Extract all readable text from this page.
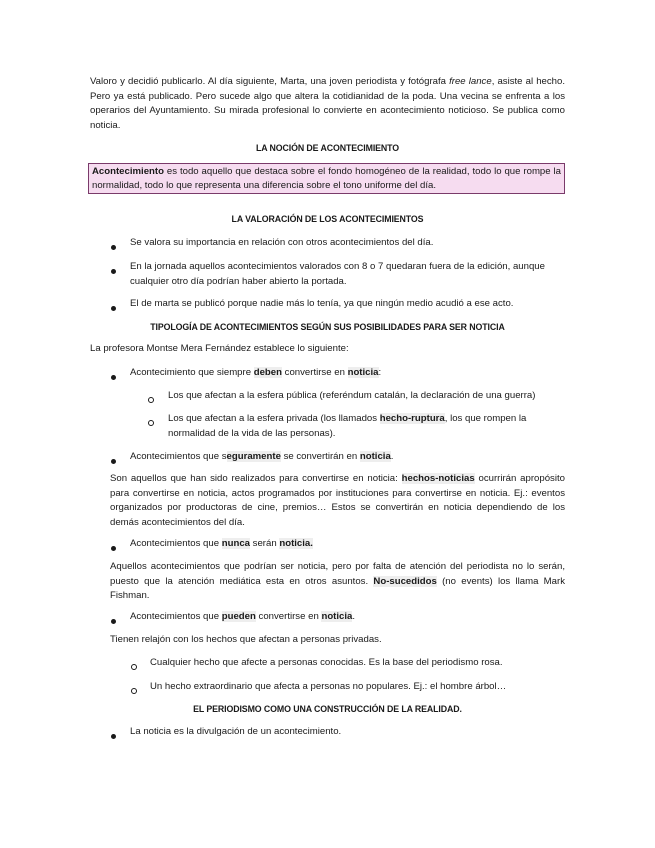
Valoro y decidió publicarlo. Al día siguiente, Marta, una joven periodista y fotógrafa free lance, asiste al hecho. Pero ya está publicado. Pero sucede algo que altera la cotidianidad de la poda. Una vecina se enfrenta a los operarios del Ayuntamiento. Su mirada profesional lo convierte en acontecimiento noticioso. Se publica como noticia.
LA NOCIÓN DE ACONTECIMIENTO
Acontecimiento es todo aquello que destaca sobre el fondo homogéneo de la realidad, todo lo que rompe la normalidad, todo lo que representa una diferencia sobre el tono uniforme del día.
LA VALORACIÓN DE LOS ACONTECIMIENTOS
Se valora su importancia en relación con otros acontecimientos del día.
En la jornada aquellos acontecimientos valorados con 8 o 7 quedaran fuera de la edición, aunque cualquier otro día podrían haber abierto la portada.
El de marta se publicó porque nadie más lo tenía, ya que ningún medio acudió a ese acto.
TIPOLOGÍA DE ACONTECIMIENTOS SEGÚN SUS POSIBILIDADES PARA SER NOTICIA
La profesora Montse Mera Fernández establece lo siguiente:
Acontecimiento que siempre deben convertirse en noticia:
Los que afectan a la esfera pública (referéndum catalán, la declaración de una guerra)
Los que afectan a la esfera privada (los llamados hecho-ruptura, los que rompen la normalidad de la vida de las personas).
Acontecimientos que seguramente se convertirán en noticia.
Son aquellos que han sido realizados para convertirse en noticia: hechos-noticias ocurrirán apropósito para convertirse en noticia, actos programados por instituciones para convertirse en noticia. Ej.: eventos organizados por productoras de cine, premios… Estos se convertirán en noticia dependiendo de los demás acontecimientos del día.
Acontecimientos que nunca serán noticia.
Aquellos acontecimientos que podrían ser noticia, pero por falta de atención del periodista no lo serán, puesto que la atención mediática esta en otros asuntos. No-sucedidos (no events) los llama Mark Fishman.
Acontecimientos que pueden convertirse en noticia.
Tienen relajón con los hechos que afectan a personas privadas.
Cualquier hecho que afecte a personas conocidas. Es la base del periodismo rosa.
Un hecho extraordinario que afecta a personas no populares. Ej.: el hombre árbol…
EL PERIODISMO COMO UNA CONSTRUCCIÓN DE LA REALIDAD.
La noticia es la divulgación de un acontecimiento.
